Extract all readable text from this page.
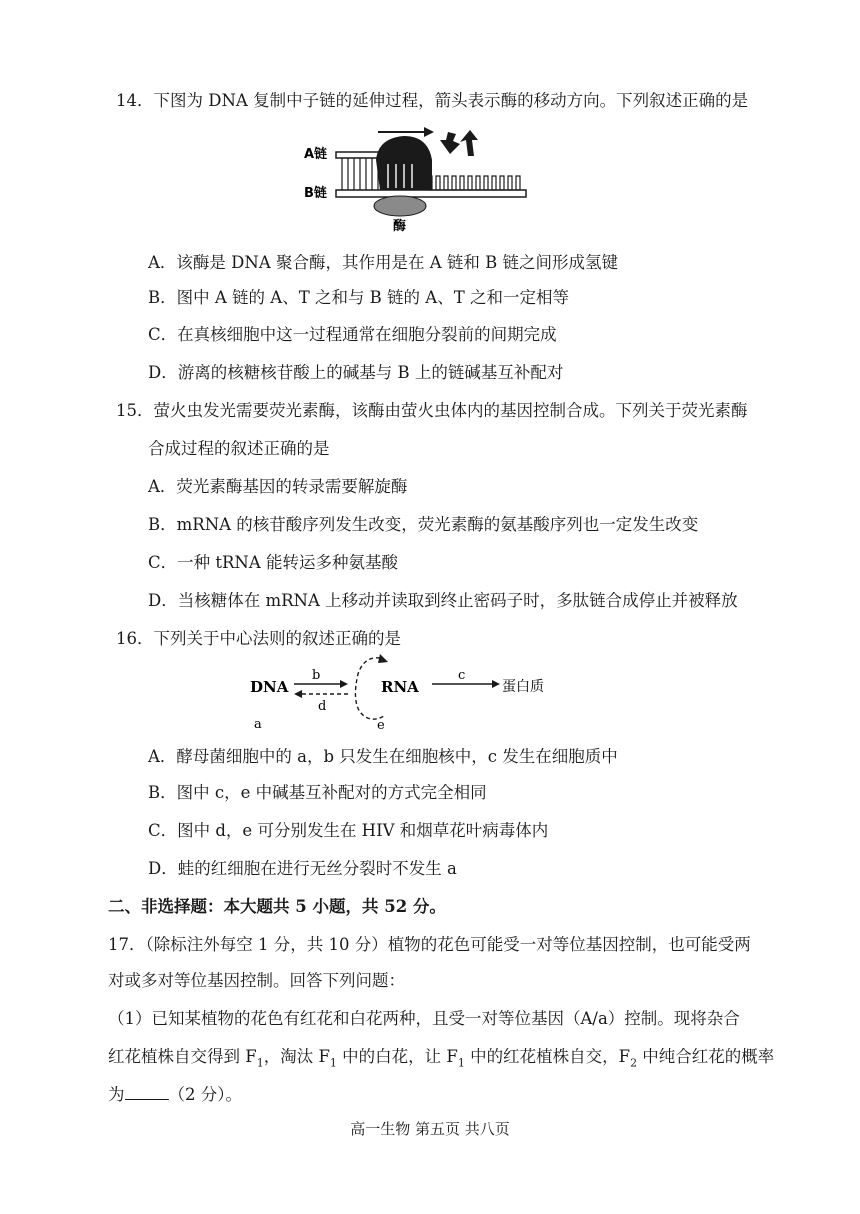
14．下图为 DNA 复制中子链的延伸过程，箭头表示酶的移动方向。下列叙述正确的是
A链
B链
酶
A．该酶是 DNA 聚合酶，其作用是在 A 链和 B 链之间形成氢键
B．图中 A 链的 A、T 之和与 B 链的 A、T 之和一定相等
C．在真核细胞中这一过程通常在细胞分裂前的间期完成
D．游离的核糖核苷酸上的碱基与 B 上的链碱基互补配对
15．萤火虫发光需要荧光素酶，该酶由萤火虫体内的基因控制合成。下列关于荧光素酶
合成过程的叙述正确的是
A．荧光素酶基因的转录需要解旋酶
B．mRNA 的核苷酸序列发生改变，荧光素酶的氨基酸序列也一定发生改变
C．一种 tRNA 能转运多种氨基酸
D．当核糖体在 mRNA 上移动并读取到终止密码子时，多肽链合成停止并被释放
16．下列关于中心法则的叙述正确的是
DNA	RNA	蛋白质
b
d
c
e
a
A．酵母菌细胞中的 a，b 只发生在细胞核中，c 发生在细胞质中
B．图中 c，e 中碱基互补配对的方式完全相同
C．图中 d，e 可分别发生在 HIV 和烟草花叶病毒体内
D．蛙的红细胞在进行无丝分裂时不发生 a
二、非选择题：本大题共 5 小题，共 52 分。
17．（除标注外每空 1 分，共 10 分）植物的花色可能受一对等位基因控制，也可能受两
对或多对等位基因控制。回答下列问题：
（1）已知某植物的花色有红花和白花两种，且受一对等位基因（A/a）控制。现将杂合
红花植株自交得到 $F_1$，淘汰 $F_1$ 中的白花，让 $F_1$ 中的红花植株自交，$F_2$ 中纯合红花的概率
为	（2 分）。
高一生物 第五页 共八页
